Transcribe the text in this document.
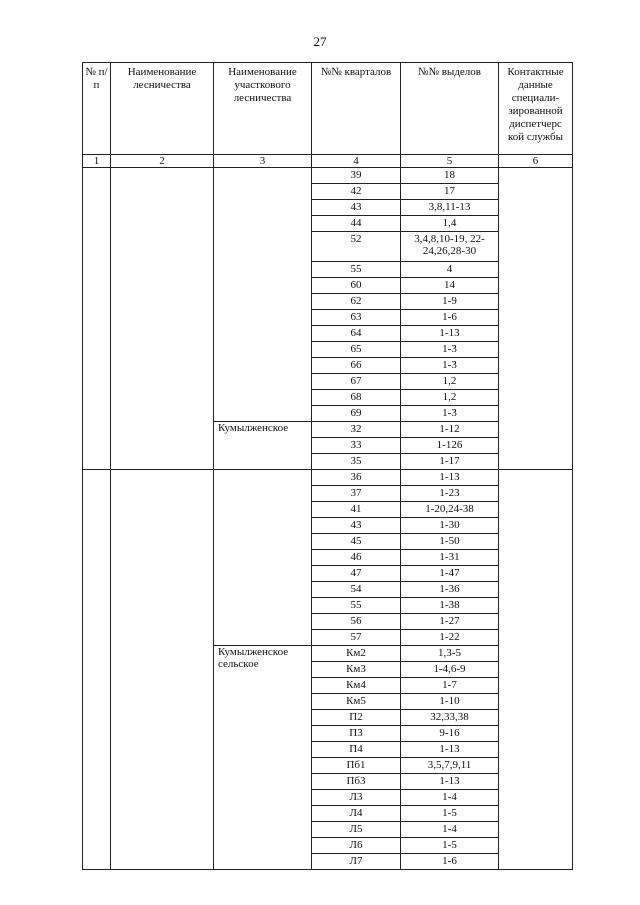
27
№ п/п	Наименование лесничества	Наименование участкового лесничества	№№ кварталов	№№ выделов	Контактные данные специали-зированной диспетчерс кой службы
1	2	3	4	5	6
			39	18	
			42	17	
			43	3,8,11-13	
			44	1,4	
			52	3,4,8,10-19, 22-24,26,28-30	
			55	4	
			60	14	
			62	1-9	
			63	1-6	
			64	1-13	
			65	1-3	
			66	1-3	
			67	1,2	
			68	1,2	
			69	1-3	
		Кумылженское	32	1-12	
			33	1-126	
			35	1-17	
			36	1-13	
			37	1-23	
			41	1-20,24-38	
			43	1-30	
			45	1-50	
			46	1-31	
			47	1-47	
			54	1-36	
			55	1-38	
			56	1-27	
			57	1-22	
		Кумылженское сельское	Км2	1,3-5	
			Км3	1-4,6-9	
			Км4	1-7	
			Км5	1-10	
			П2	32,33,38	
			П3	9-16	
			П4	1-13	
			Пб1	3,5,7,9,11	
			Пб3	1-13	
			Л3	1-4	
			Л4	1-5	
			Л5	1-4	
			Л6	1-5	
			Л7	1-6	
